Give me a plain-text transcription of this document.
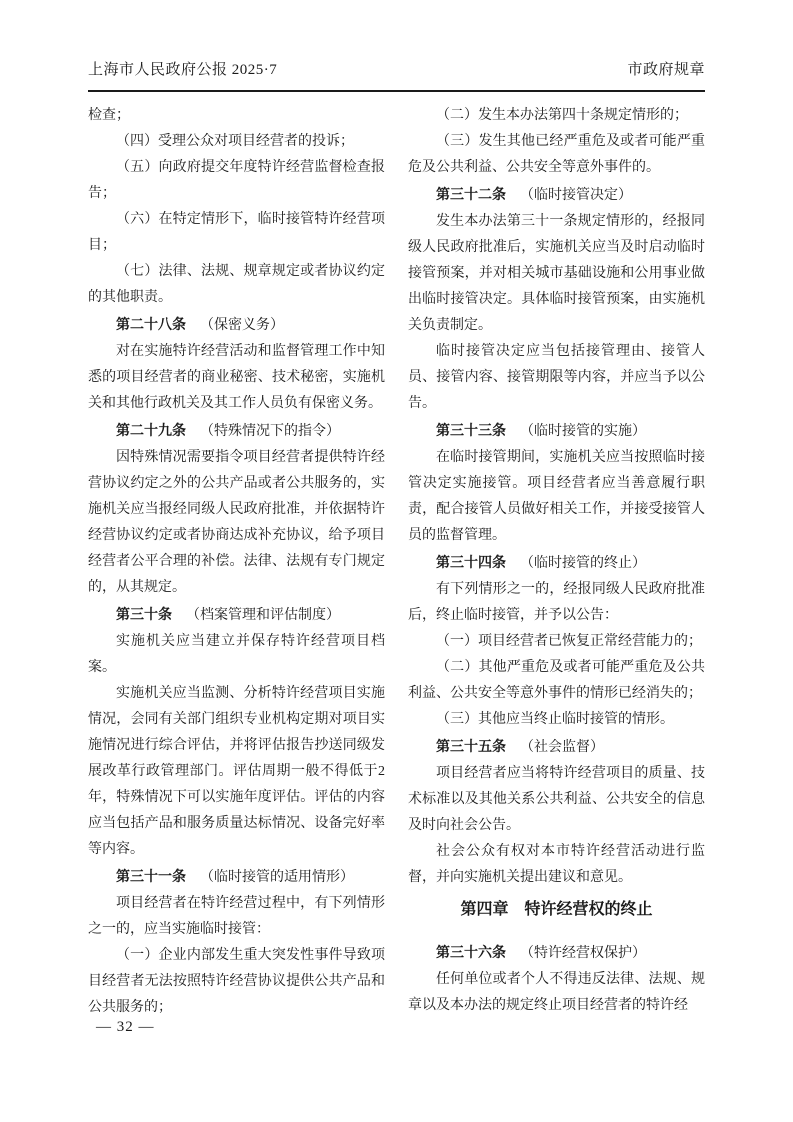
上海市人民政府公报 2025·7	市政府规章

检查；

（四）受理公众对项目经营者的投诉；

（五）向政府提交年度特许经营监督检查报告；

（六）在特定情形下，临时接管特许经营项目；

（七）法律、法规、规章规定或者协议约定的其他职责。

第二十八条 （保密义务）

对在实施特许经营活动和监督管理工作中知悉的项目经营者的商业秘密、技术秘密，实施机关和其他行政机关及其工作人员负有保密义务。

第二十九条 （特殊情况下的指令）

因特殊情况需要指令项目经营者提供特许经营协议约定之外的公共产品或者公共服务的，实施机关应当报经同级人民政府批准，并依据特许经营协议约定或者协商达成补充协议，给予项目经营者公平合理的补偿。法律、法规有专门规定的，从其规定。

第三十条 （档案管理和评估制度）

实施机关应当建立并保存特许经营项目档案。

实施机关应当监测、分析特许经营项目实施情况，会同有关部门组织专业机构定期对项目实施情况进行综合评估，并将评估报告抄送同级发展改革行政管理部门。评估周期一般不得低于2年，特殊情况下可以实施年度评估。评估的内容应当包括产品和服务质量达标情况、设备完好率等内容。

第三十一条 （临时接管的适用情形）

项目经营者在特许经营过程中，有下列情形之一的，应当实施临时接管：

（一）企业内部发生重大突发性事件导致项目经营者无法按照特许经营协议提供公共产品和公共服务的；

（二）发生本办法第四十条规定情形的；

（三）发生其他已经严重危及或者可能严重危及公共利益、公共安全等意外事件的。

第三十二条 （临时接管决定）

发生本办法第三十一条规定情形的，经报同级人民政府批准后，实施机关应当及时启动临时接管预案，并对相关城市基础设施和公用事业做出临时接管决定。具体临时接管预案，由实施机关负责制定。

临时接管决定应当包括接管理由、接管人员、接管内容、接管期限等内容，并应当予以公告。

第三十三条 （临时接管的实施）

在临时接管期间，实施机关应当按照临时接管决定实施接管。项目经营者应当善意履行职责，配合接管人员做好相关工作，并接受接管人员的监督管理。

第三十四条 （临时接管的终止）

有下列情形之一的，经报同级人民政府批准后，终止临时接管，并予以公告：

（一）项目经营者已恢复正常经营能力的；

（二）其他严重危及或者可能严重危及公共利益、公共安全等意外事件的情形已经消失的；

（三）其他应当终止临时接管的情形。

第三十五条 （社会监督）

项目经营者应当将特许经营项目的质量、技术标准以及其他关系公共利益、公共安全的信息及时向社会公告。

社会公众有权对本市特许经营活动进行监督，并向实施机关提出建议和意见。

第四章　特许经营权的终止

第三十六条 （特许经营权保护）

任何单位或者个人不得违反法律、法规、规章以及本办法的规定终止项目经营者的特许经

— 32 —
